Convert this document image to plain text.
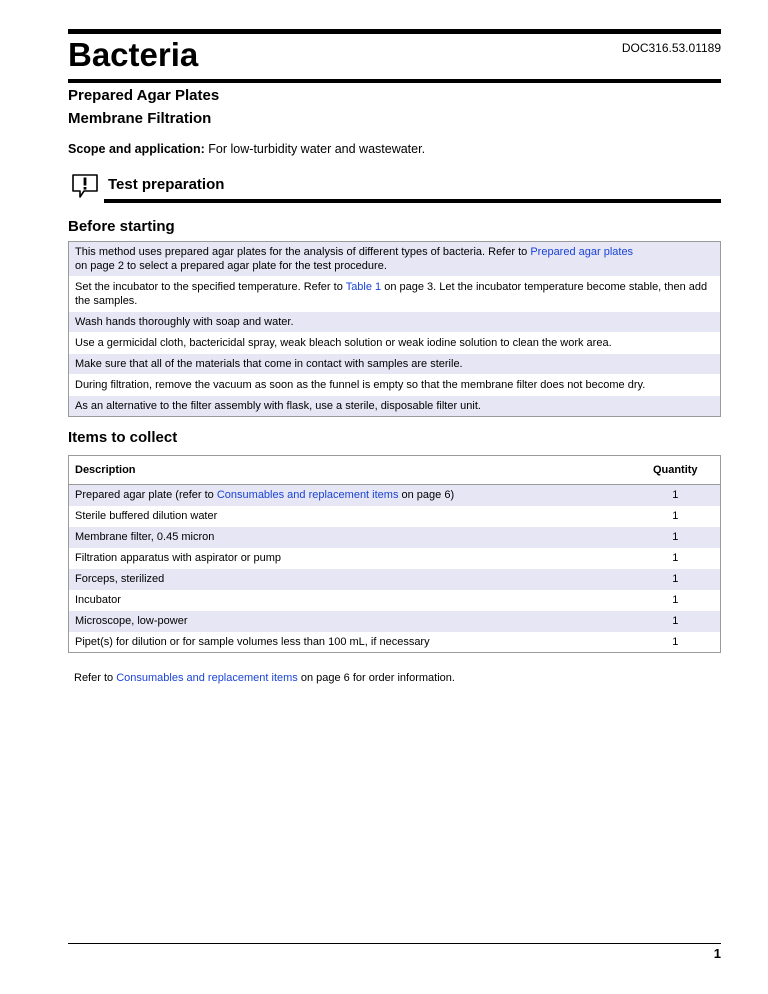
Bacteria	DOC316.53.01189
Prepared Agar Plates
Membrane Filtration
Scope and application: For low-turbidity water and wastewater.
Test preparation
Before starting
This method uses prepared agar plates for the analysis of different types of bacteria. Refer to Prepared agar plates
on page 2 to select a prepared agar plate for the test procedure.
Set the incubator to the specified temperature. Refer to Table 1 on page 3. Let the incubator temperature become stable, then add the samples.
Wash hands thoroughly with soap and water.
Use a germicidal cloth, bactericidal spray, weak bleach solution or weak iodine solution to clean the work area.
Make sure that all of the materials that come in contact with samples are sterile.
During filtration, remove the vacuum as soon as the funnel is empty so that the membrane filter does not become dry.
As an alternative to the filter assembly with flask, use a sterile, disposable filter unit.
Items to collect
Description	Quantity
Prepared agar plate (refer to Consumables and replacement items on page 6)	1
Sterile buffered dilution water	1
Membrane filter, 0.45 micron	1
Filtration apparatus with aspirator or pump	1
Forceps, sterilized	1
Incubator	1
Microscope, low-power	1
Pipet(s) for dilution or for sample volumes less than 100 mL, if necessary	1
Refer to Consumables and replacement items on page 6 for order information.
1
